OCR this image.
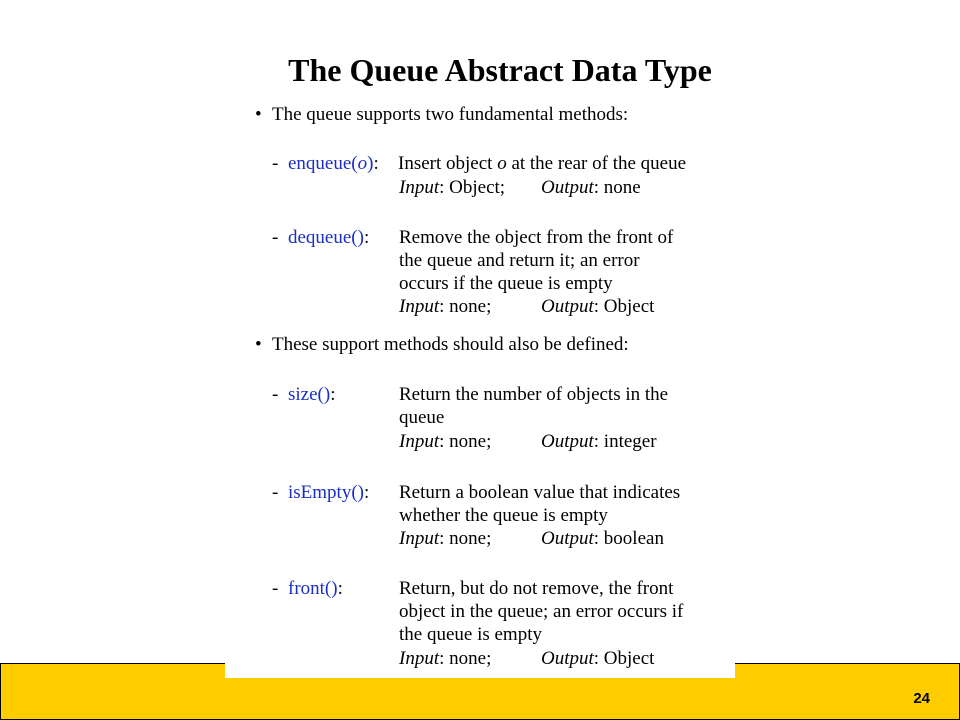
24
The Queue Abstract Data Type
• The queue supports two fundamental methods:
- enqueue(o): Insert object o at the rear of the queue
Input: Object; Output: none
- dequeue(): Remove the object from the front of
the queue and return it; an error
occurs if the queue is empty
Input: none;	Output: Object
• These support methods should also be defined:
- size():	Return the number of objects in the
queue
Input: none;	Output: integer
- isEmpty(): Return a boolean value that indicates
whether the queue is empty
Input: none;	Output: boolean
- front():	Return, but do not remove, the front
object in the queue; an error occurs if
the queue is empty
Input: none;	Output: Object
